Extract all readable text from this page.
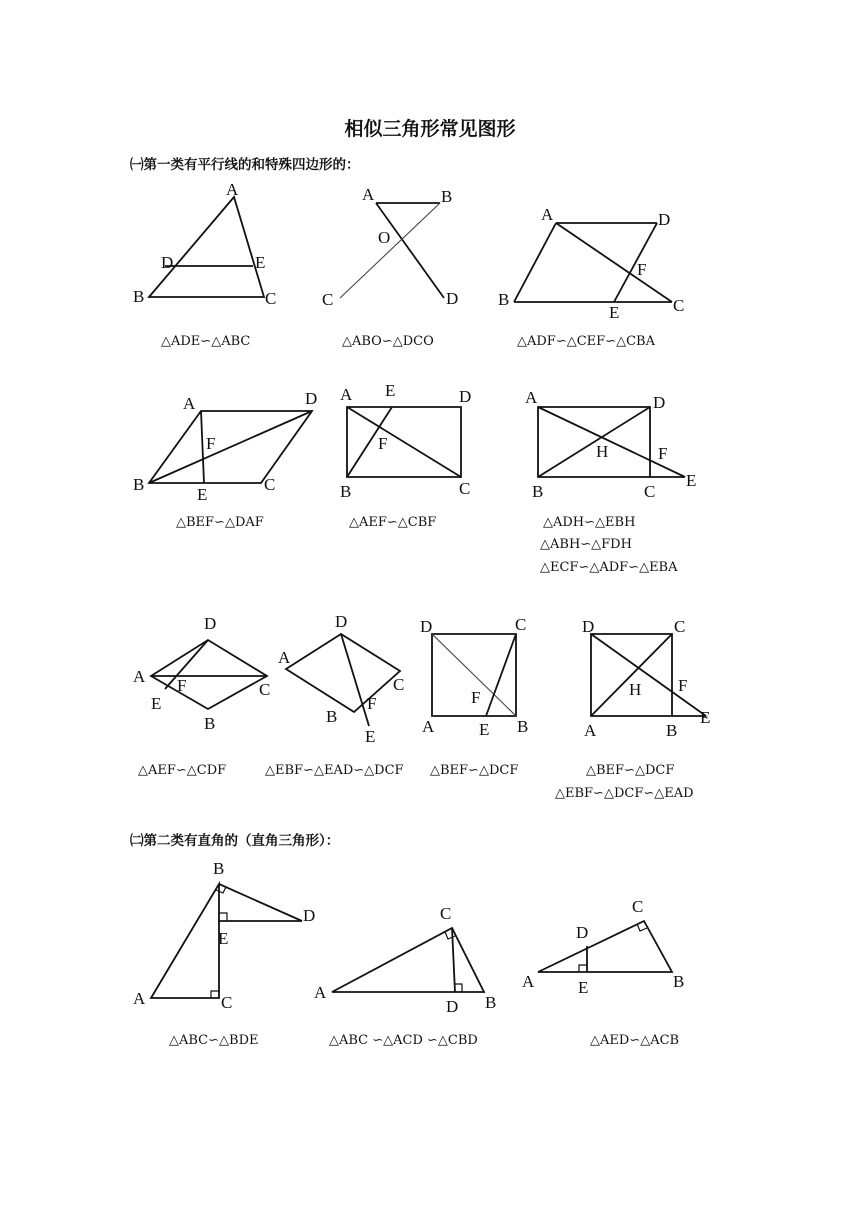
相似三角形常见图形
㈠第一类有平行线的和特殊四边形的：
㈡第二类有直角的（直角三角形）：
A
D	E
B	C
A	B
O
C	D
A	D
F
B
E	C
A	D
F
B
E
C
A E	D
F
B	C
A	D
H	F
E
B	C
A
D
F	C
E
B
A
D
C
F
B
E
D	C
F
A	E B
D	C
H F
E
A	B
B
D
E
A	C
C
A
D B
C
D
A	E	B
△ADE∽△ABC	△ABO∽△DCO	△ADF∽△CEF∽△CBA
△BEF∽△DAF	△AEF∽△CBF	△ADH∽△EBH
△ABH∽△FDH
△ECF∽△ADF∽△EBA
△AEF∽△CDF	△EBF∽△EAD∽△DCF △BEF∽△DCF	△BEF∽△DCF
△EBF∽△DCF∽△EAD
△ABC∽△BDE	△ABC ∽△ACD ∽△CBD	△AED∽△ACB
